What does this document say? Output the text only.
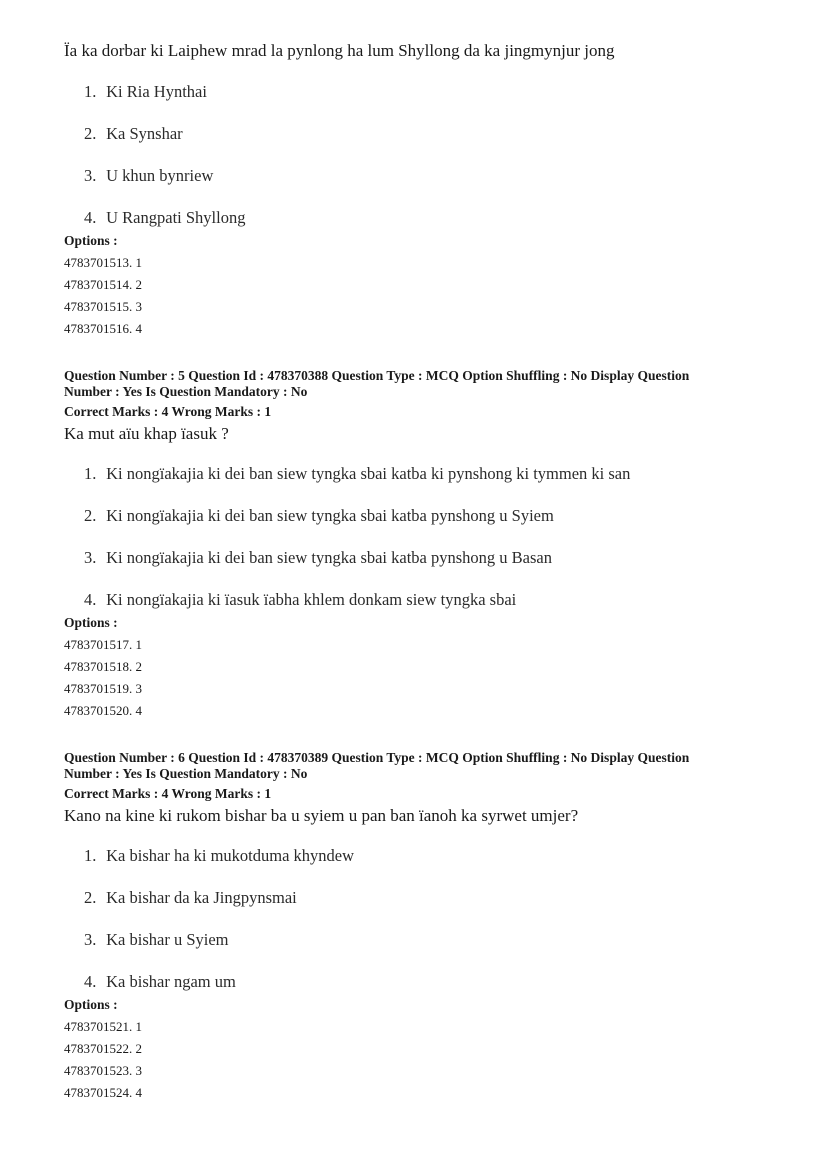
Ïa ka dorbar ki Laiphew mrad la pynlong ha lum Shyllong da ka jingmynjur jong
1. Ki Ria Hynthai
2. Ka Synshar
3. U khun bynriew
4. U Rangpati Shyllong
Options :
4783701513. 1
4783701514. 2
4783701515. 3
4783701516. 4
Question Number : 5 Question Id : 478370388 Question Type : MCQ Option Shuffling : No Display Question
Number : Yes Is Question Mandatory : No
Correct Marks : 4 Wrong Marks : 1
Ka mut aïu khap ïasuk ?
1. Ki nongïakajia ki dei ban siew tyngka sbai katba ki pynshong ki tymmen ki san
2. Ki nongïakajia ki dei ban siew tyngka sbai katba pynshong u Syiem
3. Ki nongïakajia ki dei ban siew tyngka sbai katba pynshong u Basan
4. Ki nongïakajia ki ïasuk ïabha khlem donkam siew tyngka sbai
Options :
4783701517. 1
4783701518. 2
4783701519. 3
4783701520. 4
Question Number : 6 Question Id : 478370389 Question Type : MCQ Option Shuffling : No Display Question
Number : Yes Is Question Mandatory : No
Correct Marks : 4 Wrong Marks : 1
Kano na kine ki rukom bishar ba u syiem u pan ban ïanoh ka syrwet umjer?
1. Ka bishar ha ki mukotduma khyndew
2. Ka bishar da ka Jingpynsmai
3. Ka bishar u Syiem
4. Ka bishar ngam um
Options :
4783701521. 1
4783701522. 2
4783701523. 3
4783701524. 4
